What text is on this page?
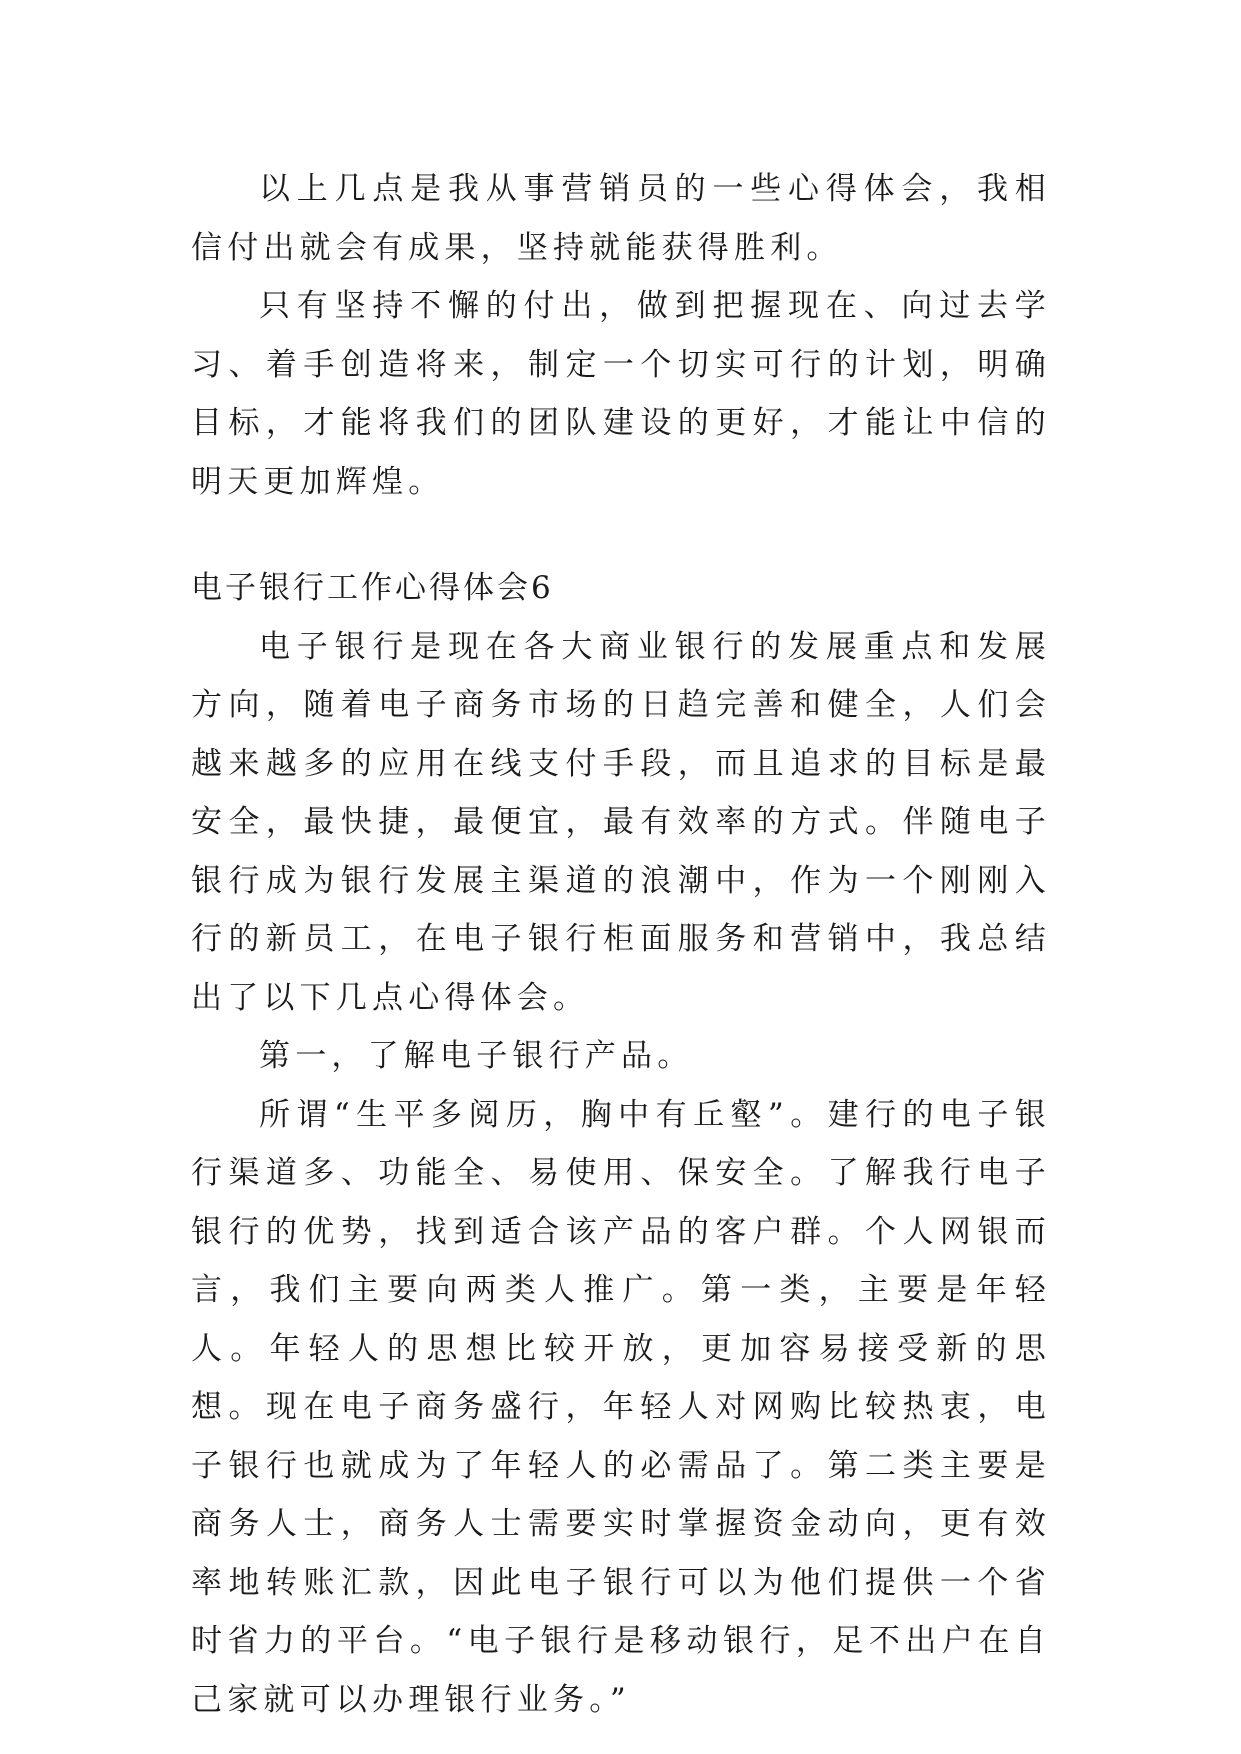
以上几点是我从事营销员的一些心得体会，我相信付出就会有成果，坚持就能获得胜利。

只有坚持不懈的付出，做到把握现在、向过去学习、着手创造将来，制定一个切实可行的计划，明确目标，才能将我们的团队建设的更好，才能让中信的明天更加辉煌。

电子银行工作心得体会6

电子银行是现在各大商业银行的发展重点和发展方向，随着电子商务市场的日趋完善和健全，人们会越来越多的应用在线支付手段，而且追求的目标是最安全，最快捷，最便宜，最有效率的方式。伴随电子银行成为银行发展主渠道的浪潮中，作为一个刚刚入行的新员工，在电子银行柜面服务和营销中，我总结出了以下几点心得体会。

第一，了解电子银行产品。

所谓“生平多阅历，胸中有丘壑”。建行的电子银行渠道多、功能全、易使用、保安全。了解我行电子银行的优势，找到适合该产品的客户群。个人网银而言，我们主要向两类人推广。第一类，主要是年轻人。年轻人的思想比较开放，更加容易接受新的思想。现在电子商务盛行，年轻人对网购比较热衷，电子银行也就成为了年轻人的必需品了。第二类主要是商务人士，商务人士需要实时掌握资金动向，更有效率地转账汇款，因此电子银行可以为他们提供一个省时省力的平台。“电子银行是移动银行，足不出户在自己家就可以办理银行业务。”
